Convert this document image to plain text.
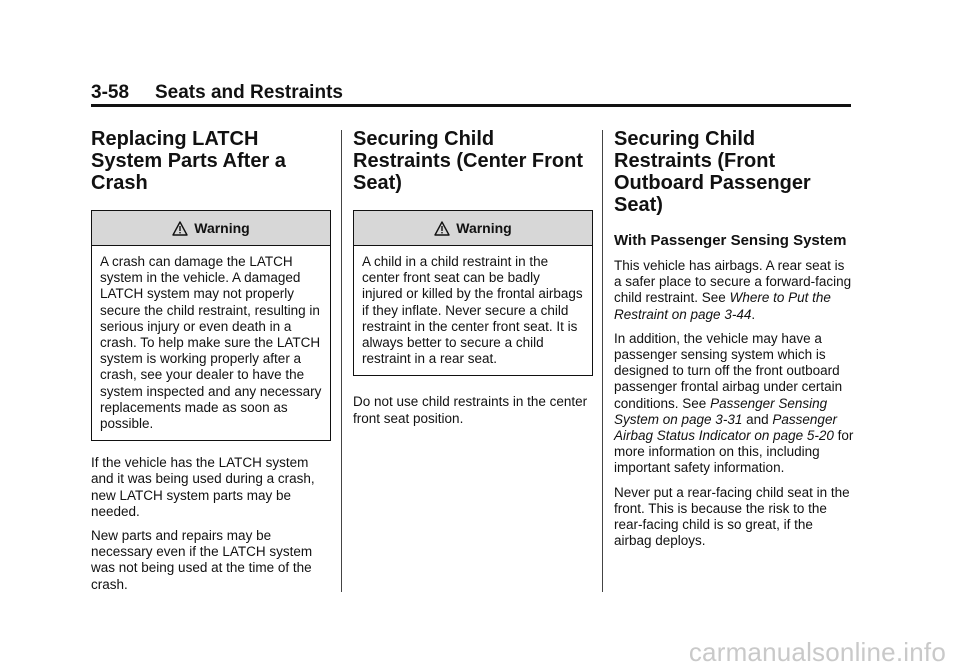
3-58 Seats and Restraints
Replacing LATCH System Parts After a Crash
Warning

A crash can damage the LATCH system in the vehicle. A damaged LATCH system may not properly secure the child restraint, resulting in serious injury or even death in a crash. To help make sure the LATCH system is working properly after a crash, see your dealer to have the system inspected and any necessary replacements made as soon as possible.

If the vehicle has the LATCH system and it was being used during a crash, new LATCH system parts may be needed.

New parts and repairs may be necessary even if the LATCH system was not being used at the time of the crash.

Securing Child Restraints (Center Front Seat)
Warning

A child in a child restraint in the center front seat can be badly injured or killed by the frontal airbags if they inflate. Never secure a child restraint in the center front seat. It is always better to secure a child restraint in a rear seat.

Do not use child restraints in the center front seat position.

Securing Child Restraints (Front Outboard Passenger Seat)
With Passenger Sensing System

This vehicle has airbags. A rear seat is a safer place to secure a forward-facing child restraint. See Where to Put the Restraint on page 3-44.

In addition, the vehicle may have a passenger sensing system which is designed to turn off the front outboard passenger frontal airbag under certain conditions. See Passenger Sensing System on page 3-31 and Passenger Airbag Status Indicator on page 5-20 for more information on this, including important safety information.

Never put a rear-facing child seat in the front. This is because the risk to the rear-facing child is so great, if the airbag deploys.

carmanualsonline.info
